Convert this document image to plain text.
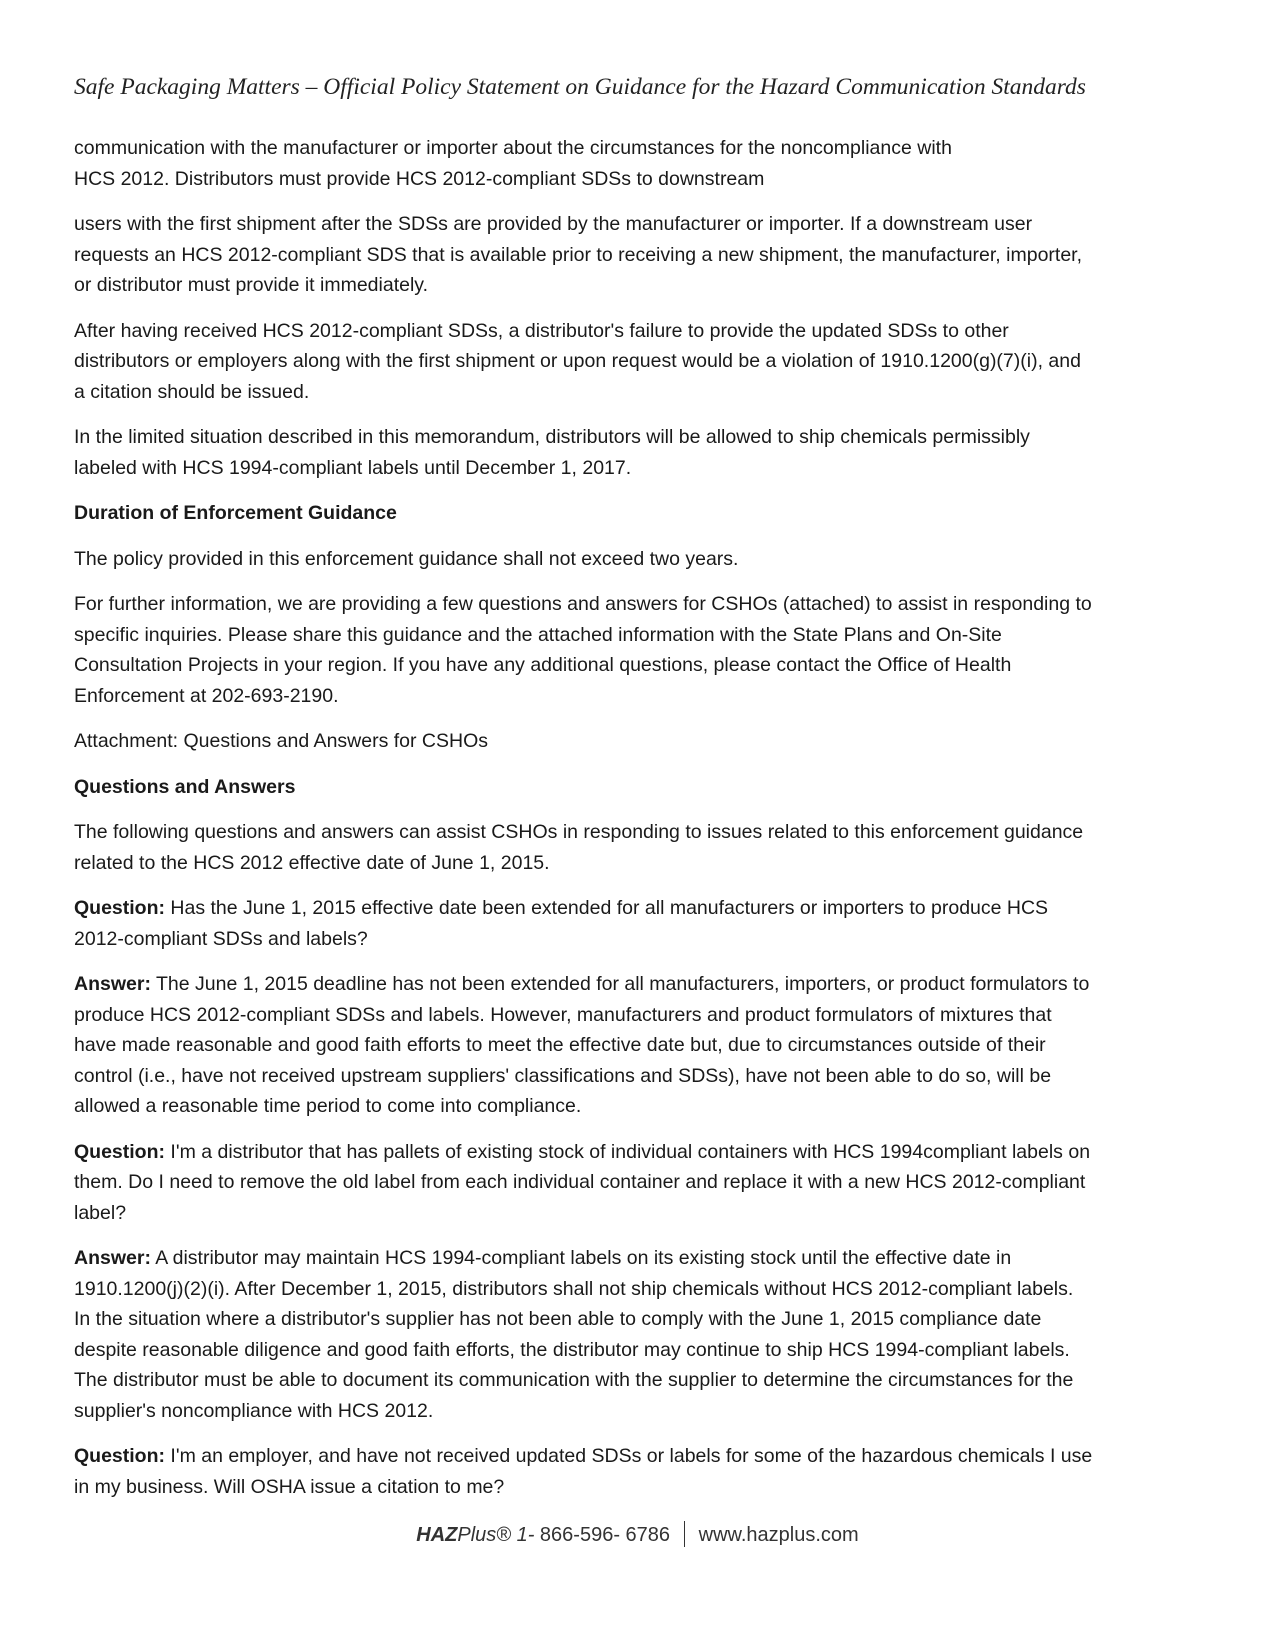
Safe Packaging Matters – Official Policy Statement on Guidance for the Hazard Communication Standards

communication with the manufacturer or importer about the circumstances for the noncompliance with
HCS 2012. Distributors must provide HCS 2012-compliant SDSs to downstream

users with the first shipment after the SDSs are provided by the manufacturer or importer. If a downstream user requests an HCS 2012-compliant SDS that is available prior to receiving a new shipment, the manufacturer, importer, or distributor must provide it immediately.

After having received HCS 2012-compliant SDSs, a distributor's failure to provide the updated SDSs to other distributors or employers along with the first shipment or upon request would be a violation of 1910.1200(g)(7)(i), and a citation should be issued.

In the limited situation described in this memorandum, distributors will be allowed to ship chemicals permissibly labeled with HCS 1994-compliant labels until December 1, 2017.

Duration of Enforcement Guidance

The policy provided in this enforcement guidance shall not exceed two years.

For further information, we are providing a few questions and answers for CSHOs (attached) to assist in responding to specific inquiries. Please share this guidance and the attached information with the State Plans and On-Site Consultation Projects in your region. If you have any additional questions, please contact the Office of Health Enforcement at 202-693-2190.

Attachment: Questions and Answers for CSHOs

Questions and Answers

The following questions and answers can assist CSHOs in responding to issues related to this enforcement guidance related to the HCS 2012 effective date of June 1, 2015.

Question: Has the June 1, 2015 effective date been extended for all manufacturers or importers to produce HCS 2012-compliant SDSs and labels?

Answer: The June 1, 2015 deadline has not been extended for all manufacturers, importers, or product formulators to produce HCS 2012-compliant SDSs and labels. However, manufacturers and product formulators of mixtures that have made reasonable and good faith efforts to meet the effective date but, due to circumstances outside of their control (i.e., have not received upstream suppliers' classifications and SDSs), have not been able to do so, will be allowed a reasonable time period to come into compliance.

Question: I'm a distributor that has pallets of existing stock of individual containers with HCS 1994compliant labels on them. Do I need to remove the old label from each individual container and replace it with a new HCS 2012-compliant label?

Answer: A distributor may maintain HCS 1994-compliant labels on its existing stock until the effective date in 1910.1200(j)(2)(i). After December 1, 2015, distributors shall not ship chemicals without HCS 2012-compliant labels. In the situation where a distributor's supplier has not been able to comply with the June 1, 2015 compliance date despite reasonable diligence and good faith efforts, the distributor may continue to ship HCS 1994-compliant labels. The distributor must be able to document its communication with the supplier to determine the circumstances for the supplier's noncompliance with HCS 2012.

Question: I'm an employer, and have not received updated SDSs or labels for some of the hazardous chemicals I use in my business. Will OSHA issue a citation to me?

HAZPlus® 1- 866-596- 6786  www.hazplus.com
